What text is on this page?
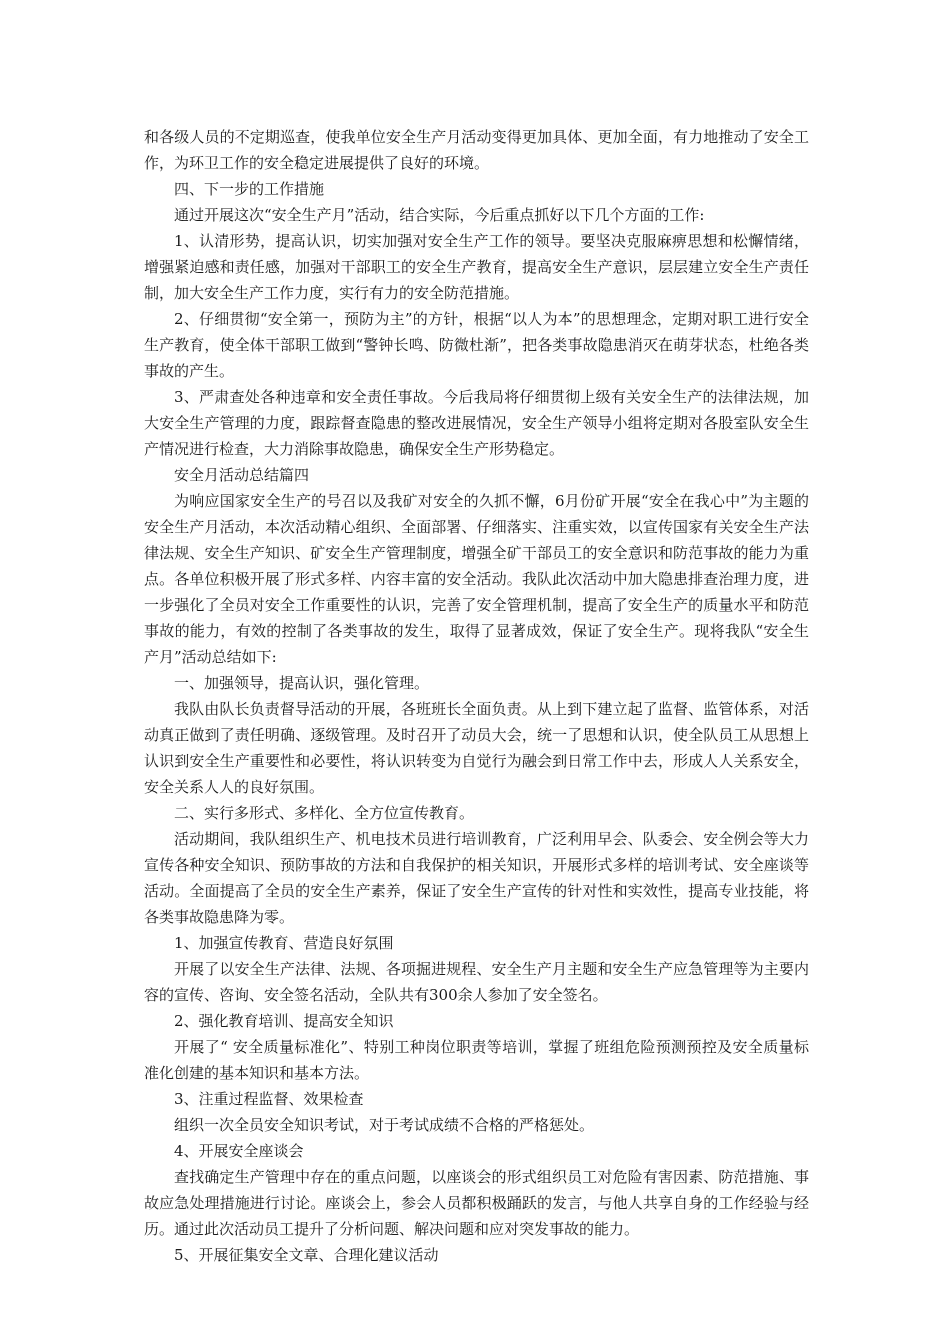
和各级人员的不定期巡查，使我单位安全生产月活动变得更加具体、更加全面，有力地推动了安全工作，为环卫工作的安全稳定进展提供了良好的环境。

四、下一步的工作措施

通过开展这次“安全生产月”活动，结合实际，今后重点抓好以下几个方面的工作:

1、认清形势，提高认识，切实加强对安全生产工作的领导。要坚决克服麻痹思想和松懈情绪，增强紧迫感和责任感，加强对干部职工的安全生产教育，提高安全生产意识，层层建立安全生产责任制，加大安全生产工作力度，实行有力的安全防范措施。

2、仔细贯彻“安全第一，预防为主”的方针，根据“以人为本”的思想理念，定期对职工进行安全生产教育，使全体干部职工做到“警钟长鸣、防微杜渐”，把各类事故隐患消灭在萌芽状态，杜绝各类事故的产生。

3、严肃查处各种违章和安全责任事故。今后我局将仔细贯彻上级有关安全生产的法律法规，加大安全生产管理的力度，跟踪督查隐患的整改进展情况，安全生产领导小组将定期对各股室队安全生产情况进行检查，大力消除事故隐患，确保安全生产形势稳定。

安全月活动总结篇四

为响应国家安全生产的号召以及我矿对安全的久抓不懈，6月份矿开展“安全在我心中”为主题的安全生产月活动，本次活动精心组织、全面部署、仔细落实、注重实效，以宣传国家有关安全生产法律法规、安全生产知识、矿安全生产管理制度，增强全矿干部员工的安全意识和防范事故的能力为重点。各单位积极开展了形式多样、内容丰富的安全活动。我队此次活动中加大隐患排查治理力度，进一步强化了全员对安全工作重要性的认识，完善了安全管理机制，提高了安全生产的质量水平和防范事故的能力，有效的控制了各类事故的发生，取得了显著成效，保证了安全生产。现将我队“安全生产月”活动总结如下:

一、加强领导，提高认识，强化管理。

我队由队长负责督导活动的开展，各班班长全面负责。从上到下建立起了监督、监管体系，对活动真正做到了责任明确、逐级管理。及时召开了动员大会，统一了思想和认识，使全队员工从思想上认识到安全生产重要性和必要性，将认识转变为自觉行为融会到日常工作中去，形成人人关系安全，安全关系人人的良好氛围。

二、实行多形式、多样化、全方位宣传教育。

活动期间，我队组织生产、机电技术员进行培训教育，广泛利用早会、队委会、安全例会等大力宣传各种安全知识、预防事故的方法和自我保护的相关知识，开展形式多样的培训考试、安全座谈等活动。全面提高了全员的安全生产素养，保证了安全生产宣传的针对性和实效性，提高专业技能，将各类事故隐患降为零。

1、加强宣传教育、营造良好氛围

开展了以安全生产法律、法规、各项掘进规程、安全生产月主题和安全生产应急管理等为主要内容的宣传、咨询、安全签名活动，全队共有300余人参加了安全签名。

2、强化教育培训、提高安全知识

开展了“ 安全质量标准化”、特别工种岗位职责等培训，掌握了班组危险预测预控及安全质量标准化创建的基本知识和基本方法。

3、注重过程监督、效果检查

组织一次全员安全知识考试，对于考试成绩不合格的严格惩处。

4、开展安全座谈会

查找确定生产管理中存在的重点问题，以座谈会的形式组织员工对危险有害因素、防范措施、事故应急处理措施进行讨论。座谈会上，参会人员都积极踊跃的发言，与他人共享自身的工作经验与经历。通过此次活动员工提升了分析问题、解决问题和应对突发事故的能力。

5、开展征集安全文章、合理化建议活动
